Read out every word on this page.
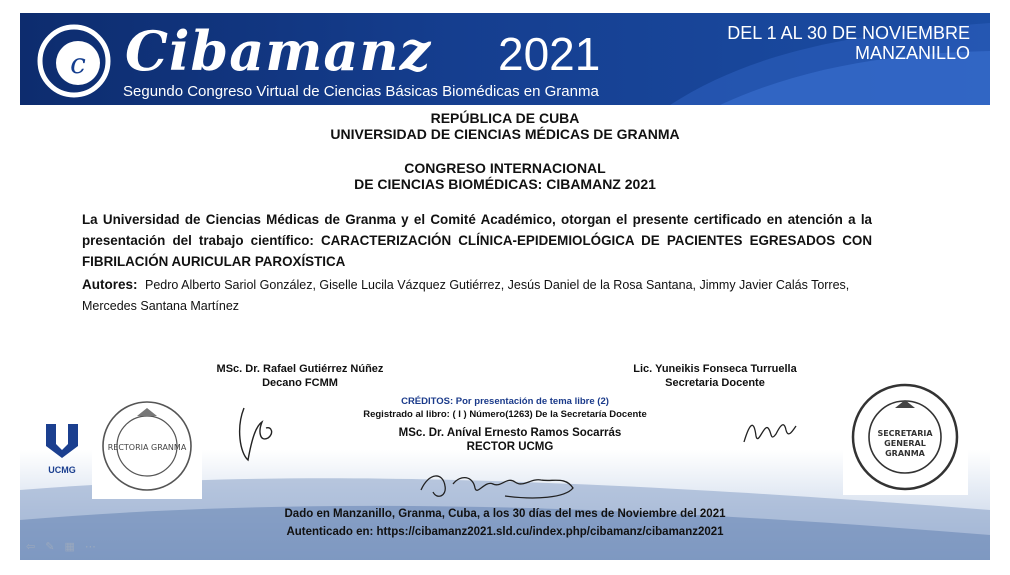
c Cibamanz 2021
Segundo Congreso Virtual de Ciencias Básicas Biomédicas en Granma
DEL 1 AL 30 DE NOVIEMBRE
MANZANILLO
REPÚBLICA DE CUBA
UNIVERSIDAD DE CIENCIAS MÉDICAS DE GRANMA
CONGRESO INTERNACIONAL
DE CIENCIAS BIOMÉDICAS: CIBAMANZ 2021
La Universidad de Ciencias Médicas de Granma y el Comité Académico, otorgan el presente certificado en atención a la presentación del trabajo científico: CARACTERIZACIÓN CLÍNICA-EPIDEMIOLÓGICA DE PACIENTES EGRESADOS CON FIBRILACIÓN AURICULAR PAROXÍSTICA
Autores: Pedro Alberto Sariol González, Giselle Lucila Vázquez Gutiérrez, Jesús Daniel de la Rosa Santana, Jimmy Javier Calás Torres, Mercedes Santana Martínez
MSc. Dr. Rafael Gutiérrez Núñez
Decano FCMM
Lic. Yuneikis Fonseca Turruella
Secretaria Docente
CRÉDITOS: Por presentación de tema libre (2)
Registrado al libro: ( I ) Número(1263) De la Secretaría Docente
MSc. Dr. Aníval Ernesto Ramos Socarrás
RECTOR UCMG
UCMG
RECTORIA GRANMA
SECRETARIA
GENERAL
GRANMA
Dado en Manzanillo, Granma, Cuba, a los 30 días del mes de Noviembre del 2021
Autenticado en: https://cibamanz2021.sld.cu/index.php/cibamanz/cibamanz2021
⇦ ✎ ▦ ⋯
